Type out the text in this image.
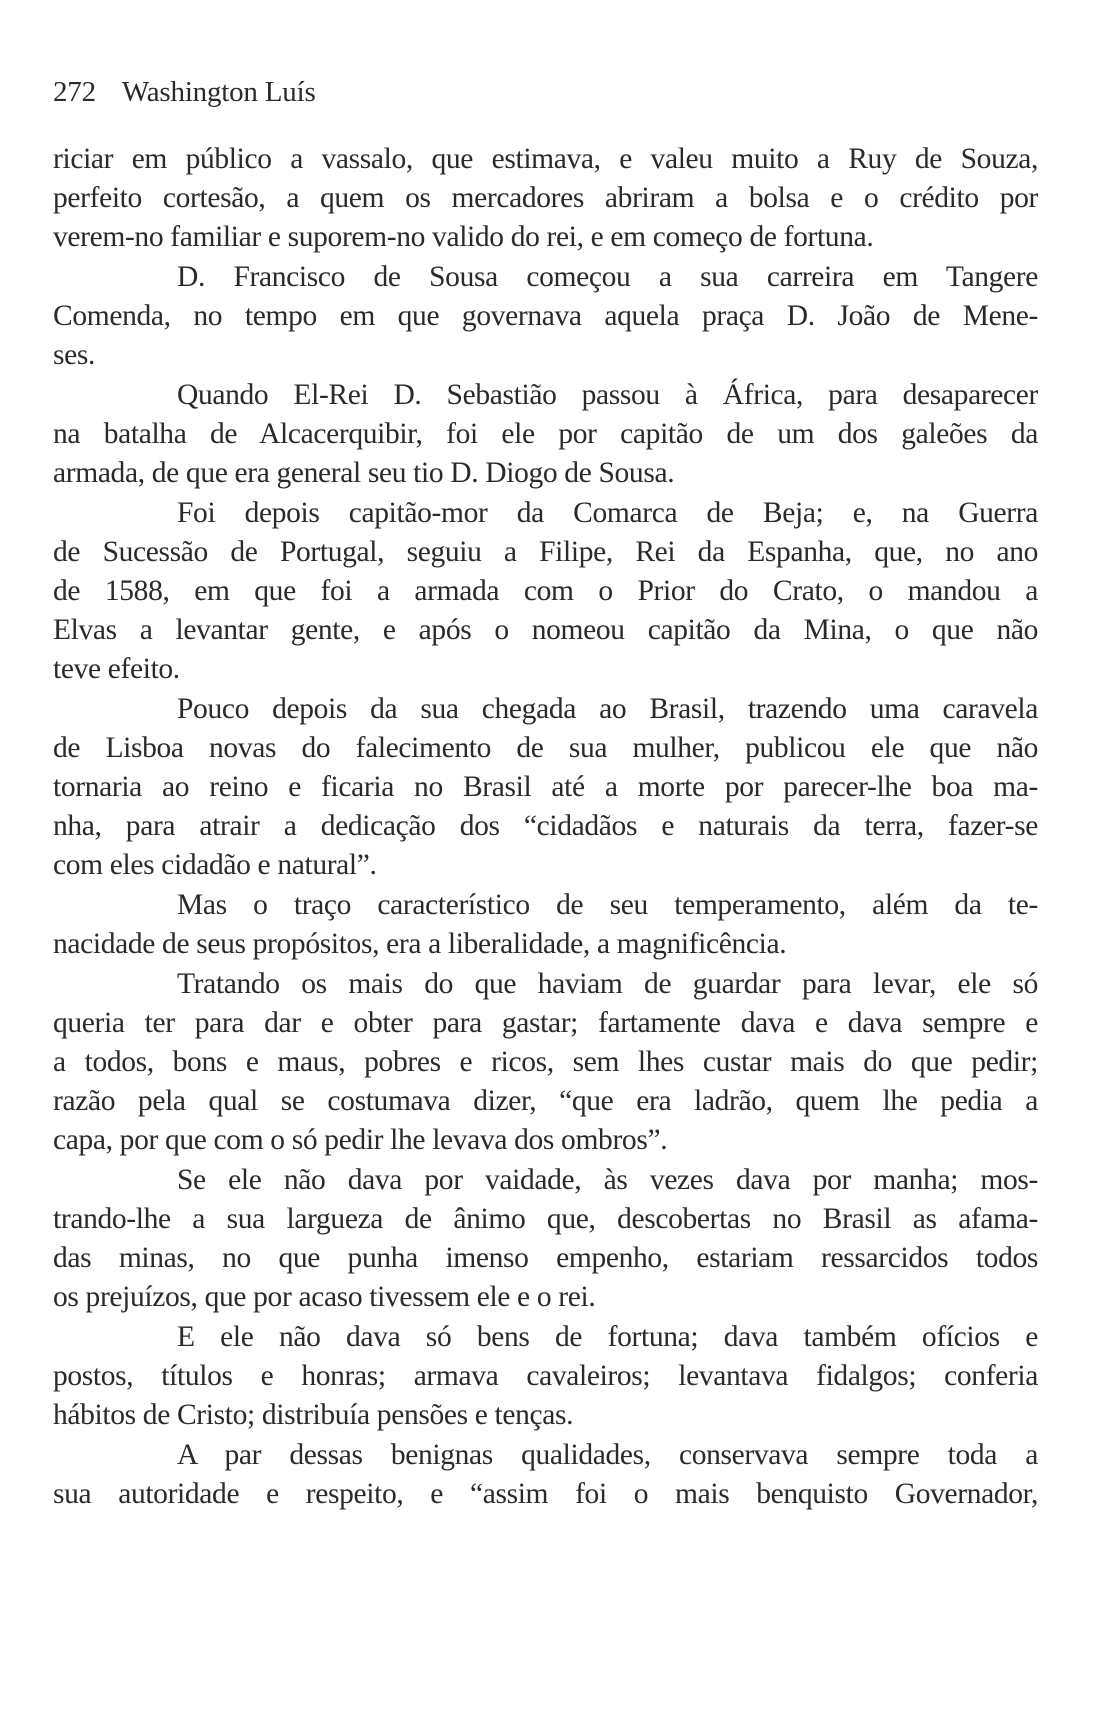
272 Washington Luís
riciar em público a vassalo, que estimava, e valeu muito a Ruy de Souza,
perfeito cortesão, a quem os mercadores abriram a bolsa e o crédito por
verem-no familiar e suporem-no valido do rei, e em começo de fortuna.
D. Francisco de Sousa começou a sua carreira em Tangere
Comenda, no tempo em que governava aquela praça D. João de Mene-
ses.
Quando El-Rei D. Sebastião passou à África, para desaparecer
na batalha de Alcacerquibir, foi ele por capitão de um dos galeões da
armada, de que era general seu tio D. Diogo de Sousa.
Foi depois capitão-mor da Comarca de Beja; e, na Guerra
de Sucessão de Portugal, seguiu a Filipe, Rei da Espanha, que, no ano
de 1588, em que foi a armada com o Prior do Crato, o mandou a
Elvas a levantar gente, e após o nomeou capitão da Mina, o que não
teve efeito.
Pouco depois da sua chegada ao Brasil, trazendo uma caravela
de Lisboa novas do falecimento de sua mulher, publicou ele que não
tornaria ao reino e ficaria no Brasil até a morte por parecer-lhe boa ma-
nha, para atrair a dedicação dos “cidadãos e naturais da terra, fazer-se
com eles cidadão e natural”.
Mas o traço característico de seu temperamento, além da te-
nacidade de seus propósitos, era a liberalidade, a magnificência.
Tratando os mais do que haviam de guardar para levar, ele só
queria ter para dar e obter para gastar; fartamente dava e dava sempre e
a todos, bons e maus, pobres e ricos, sem lhes custar mais do que pedir;
razão pela qual se costumava dizer, “que era ladrão, quem lhe pedia a
capa, por que com o só pedir lhe levava dos ombros”.
Se ele não dava por vaidade, às vezes dava por manha; mos-
trando-lhe a sua largueza de ânimo que, descobertas no Brasil as afama-
das minas, no que punha imenso empenho, estariam ressarcidos todos
os prejuízos, que por acaso tivessem ele e o rei.
E ele não dava só bens de fortuna; dava também ofícios e
postos, títulos e honras; armava cavaleiros; levantava fidalgos; conferia
hábitos de Cristo; distribuía pensões e tenças.
A par dessas benignas qualidades, conservava sempre toda a
sua autoridade e respeito, e “assim foi o mais benquisto Governador,
